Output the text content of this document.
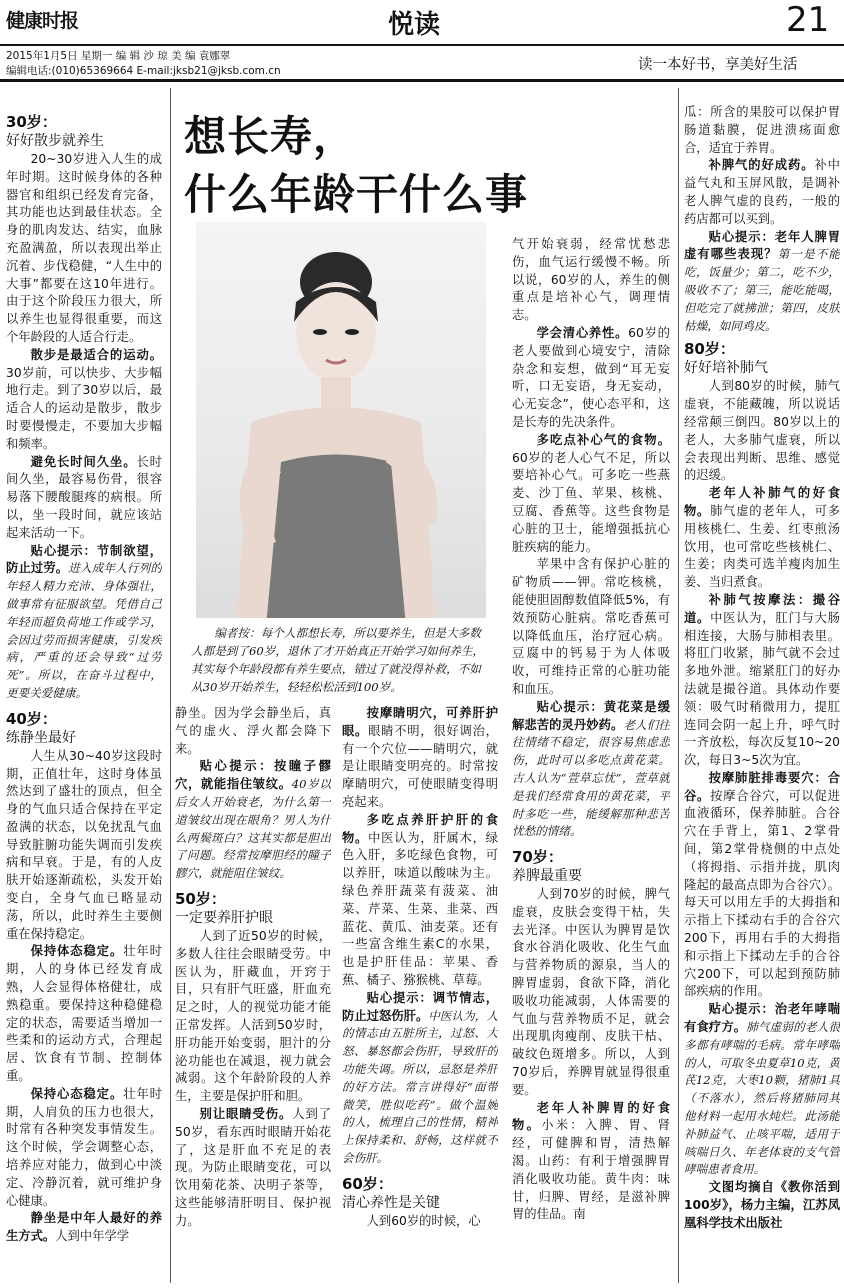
健康时报	悦读	21
2015年1月5日 星期一 编 辑 沙 琼 美 编 袁娜翠
编辑电话:(010)65369664 E-mail:jksb21@jksb.com.cn	读一本好书，享美好生活
想长寿，
什么年龄干什么事
编者按：每个人都想长寿，所以要养生，但是大多数人都是到了60岁，退休了才开始真正开始学习如何养生，其实每个年龄段都有养生要点，错过了就没得补救，不如从30岁开始养生，轻轻松松活到100岁。

30岁：

好好散步就养生

20~30岁进入人生的成年时期。这时候身体的各种器官和组织已经发育完备，其功能也达到最佳状态。全身的肌肉发达、结实，血脉充盈满盈，所以表现出举止沉着、步伐稳健，“人生中的大事”都要在这10年进行。由于这个阶段压力很大，所以养生也显得很重要，而这个年龄段的人适合行走。

散步是最适合的运动。30岁前，可以快步、大步幅地行走。到了30岁以后，最适合人的运动是散步，散步时要慢慢走，不要加大步幅和频率。

避免长时间久坐。长时间久坐，最容易伤骨，很容易落下腰酸腿疼的病根。所以，坐一段时间，就应该站起来活动一下。

贴心提示：节制欲望，防止过劳。进入成年人行列的年轻人精力充沛、身体强壮，做事常有征服欲望。凭借自己年轻而超负荷地工作或学习，会因过劳而损害健康，引发疾病，严重的还会导致“过劳死”。所以，在奋斗过程中，更要关爱健康。

40岁：

练静坐最好

人生从30~40岁这段时期，正值壮年，这时身体虽然达到了盛壮的顶点，但全身的气血只适合保持在平定盈满的状态，以免扰乱气血导致脏腑功能失调而引发疾病和早衰。于是，有的人皮肤开始逐渐疏松，头发开始变白，全身气血已略显动荡，所以，此时养生主要侧重在保持稳定。

保持体态稳定。壮年时期，人的身体已经发育成熟，人会显得体格健壮，成熟稳重。要保持这种稳健稳定的状态，需要适当增加一些柔和的运动方式，合理起居、饮食有节制、控制体重。

保持心态稳定。壮年时期，人肩负的压力也很大，时常有各种突发事情发生。这个时候，学会调整心态，培养应对能力，做到心中淡定、冷静沉着，就可维护身心健康。

静坐是中年人最好的养生方式。人到中年学学

静坐。因为学会静坐后，真气的虚火、浮火都会降下来。

贴心提示：按瞳子髎穴，就能指住皱纹。40岁以后女人开始衰老，为什么第一道皱纹出现在眼角？男人为什么两鬓斑白？这其实都是胆出了问题。经常按摩胆经的瞳子髎穴，就能阻住皱纹。

50岁：

一定要养肝护眼

人到了近50岁的时候，多数人往往会眼睛受劳。中医认为，肝藏血，开窍于目，只有肝气旺盛，肝血充足之时，人的视觉功能才能正常发挥。人活到50岁时，肝功能开始变弱，胆汁的分泌功能也在减退，视力就会减弱。这个年龄阶段的人养生，主要是保护肝和胆。

别让眼睛受伤。人到了50岁，看东西时眼睛开始花了，这是肝血不充足的表现。为防止眼睛变花，可以饮用菊花茶、决明子茶等，这些能够清肝明目、保护视力。

按摩睛明穴，可养肝护眼。眼睛不明，很好调治，有一个穴位——睛明穴，就是让眼睛变明亮的。时常按摩睛明穴，可使眼睛变得明亮起来。

多吃点养肝护肝的食物。中医认为，肝属木，绿色入肝，多吃绿色食物，可以养肝，味道以酸味为主。绿色养肝蔬菜有菠菜、油菜、芹菜、生菜、韭菜、西蓝花、黄瓜、油麦菜。还有一些富含维生素C的水果，也是护肝佳品：苹果、香蕉、橘子、猕猴桃、草莓。

贴心提示：调节情志，防止过怒伤肝。中医认为，人的情志由五脏所主，过怒、大怒、暴怒都会伤肝，导致肝的功能失调。所以，忌怒是养肝的好方法。常言讲得好“面带微笑，胜似吃药”。做个温婉的人，梳理自己的性情，精神上保持柔和、舒畅，这样就不会伤肝。

60岁：

清心养性是关键

人到60岁的时候，心

气开始衰弱，经常忧愁悲伤，血气运行缓慢不畅。所以说，60岁的人，养生的侧重点是培补心气，调理情志。

学会清心养性。60岁的老人要做到心境安宁，清除杂念和妄想，做到“耳无妄听，口无妄语，身无妄动，心无妄念”，使心态平和，这是长寿的先决条件。

多吃点补心气的食物。60岁的老人心气不足，所以要培补心气。可多吃一些燕麦、沙丁鱼、苹果、核桃、豆腐、香蕉等。这些食物是心脏的卫士，能增强抵抗心脏疾病的能力。

苹果中含有保护心脏的矿物质——钾。常吃核桃，能使胆固醇数值降低5%，有效预防心脏病。常吃香蕉可以降低血压，治疗冠心病。豆腐中的钙易于为人体吸收，可维持正常的心脏功能和血压。

贴心提示：黄花菜是缓解悲苦的灵丹妙药。老人们往往情绪不稳定，很容易焦虑悲伤，此时可以多吃点黄花菜。古人认为“萱草忘忧”，萱草就是我们经常食用的黄花菜，平时多吃一些，能缓解那种悲苦忧愁的情绪。

70岁：

养脾最重要

人到70岁的时候，脾气虚衰，皮肤会变得干枯，失去光泽。中医认为脾胃是饮食水谷消化吸收、化生气血与营养物质的源泉，当人的脾胃虚弱，食欲下降，消化吸收功能减弱，人体需要的气血与营养物质不足，就会出现肌肉瘦削、皮肤干枯、破纹色斑增多。所以，人到70岁后，养脾胃就显得很重要。

老年人补脾胃的好食物。小米：入脾、胃、肾经，可健脾和胃，清热解渴。山药：有利于增强脾胃消化吸收功能。黄牛肉：味甘，归脾、胃经，是滋补脾胃的佳品。南

瓜：所含的果胶可以保护胃肠道黏膜，促进溃疡面愈合，适宜于养胃。

补脾气的好成药。补中益气丸和玉屏风散，是调补老人脾气虚的良药，一般的药店都可以买到。

贴心提示：老年人脾胃虚有哪些表现？第一是不能吃，饭量少；第二，吃不少，吸收不了；第三，能吃能喝，但吃完了就拂泄；第四，皮肤枯燥，如同鸡皮。

80岁：

好好培补肺气

人到80岁的时候，肺气虚衰，不能藏魄，所以说话经常颠三倒四。80岁以上的老人，大多肺气虚衰，所以会表现出判断、思维、感觉的迟缓。

老年人补肺气的好食物。肺气虚的老年人，可多用核桃仁、生姜、红枣煎汤饮用，也可常吃些核桃仁、生姜；肉类可选羊瘦肉加生姜、当归煮食。

补肺气按摩法：撮谷道。中医认为，肛门与大肠相连接，大肠与肺相表里。将肛门收紧，肺气就不会过多地外泄。缩紧肛门的好办法就是撮谷道。具体动作要领：吸气时稍微用力，提肛连同会阴一起上升，呼气时一齐放松，每次反复10~20次，每日3~5次为宜。

按摩肺脏排毒要穴：合谷。按摩合谷穴，可以促进血液循环，保养肺脏。合谷穴在手背上，第1、2掌骨间，第2掌骨桡侧的中点处（将拇指、示指并拢，肌肉隆起的最高点即为合谷穴）。每天可以用左手的大拇指和示指上下揉动右手的合谷穴200下，再用右手的大拇指和示指上下揉动左手的合谷穴200下，可以起到预防肺部疾病的作用。

贴心提示：治老年哮喘有食疗方。肺气虚弱的老人很多都有哮喘的毛病。常年哮喘的人，可取冬虫夏草10克，黄芪12克，大枣10颗，猪肺1具（不落水），然后将猪肺同其他材料一起用水炖烂。此汤能补肺益气、止咳平喘，适用于咳喘日久、年老体衰的支气管哮喘患者食用。

文图均摘自《教你活到100岁》，杨力主编，江苏凤凰科学技术出版社
